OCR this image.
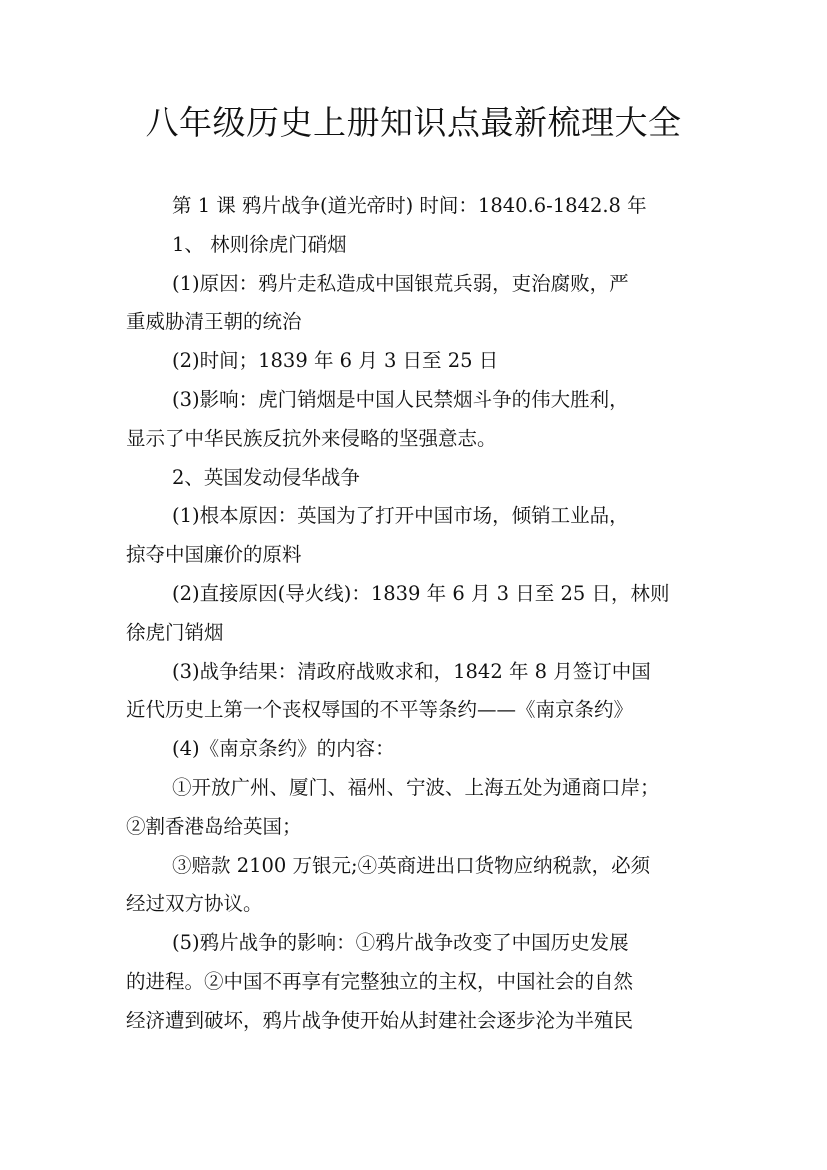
八年级历史上册知识点最新梳理大全
第 1 课 鸦片战争(道光帝时) 时间：1840.6-1842.8 年
1、 林则徐虎门硝烟
(1)原因：鸦片走私造成中国银荒兵弱，吏治腐败，严
重威胁清王朝的统治
(2)时间；1839 年 6 月 3 日至 25 日
(3)影响：虎门销烟是中国人民禁烟斗争的伟大胜利，
显示了中华民族反抗外来侵略的坚强意志。
2、英国发动侵华战争
(1)根本原因：英国为了打开中国市场，倾销工业品，
掠夺中国廉价的原料
(2)直接原因(导火线)：1839 年 6 月 3 日至 25 日，林则
徐虎门销烟
(3)战争结果：清政府战败求和，1842 年 8 月签订中国
近代历史上第一个丧权辱国的不平等条约——《南京条约》
(4)《南京条约》的内容：
①开放广州、厦门、福州、宁波、上海五处为通商口岸；
②割香港岛给英国；
③赔款 2100 万银元;④英商进出口货物应纳税款，必须
经过双方协议。
(5)鸦片战争的影响：①鸦片战争改变了中国历史发展
的进程。②中国不再享有完整独立的主权，中国社会的自然
经济遭到破坏，鸦片战争使开始从封建社会逐步沦为半殖民
